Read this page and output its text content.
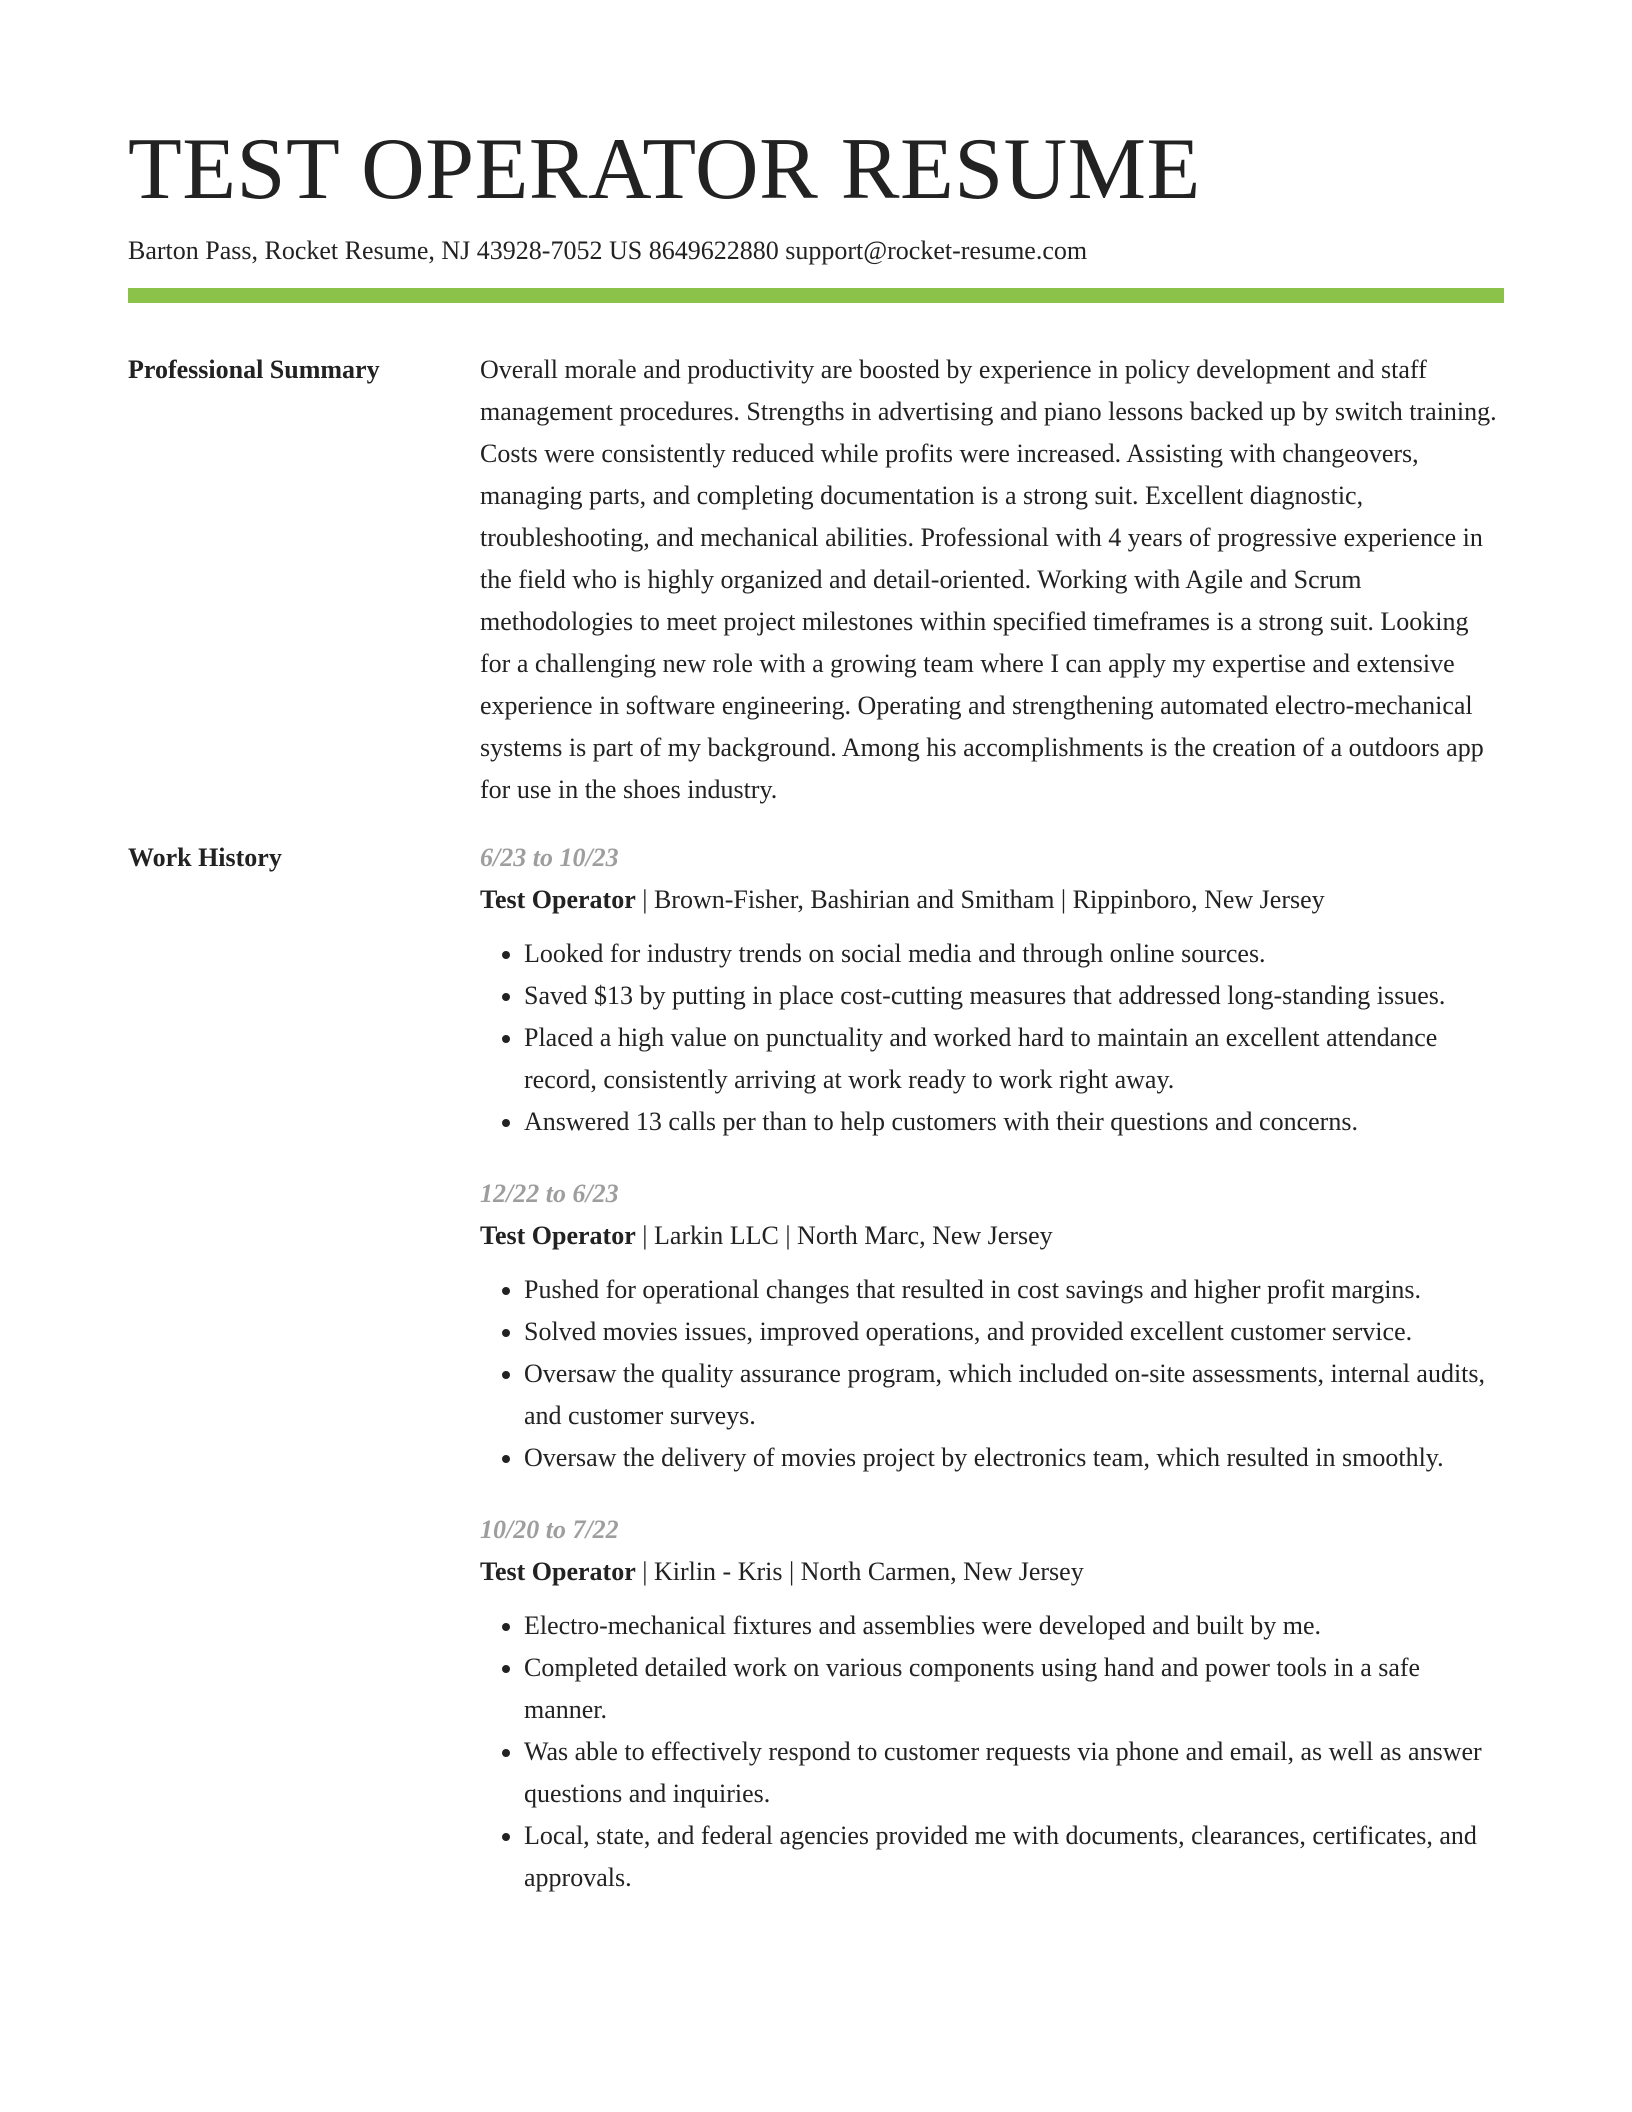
TEST OPERATOR RESUME
Barton Pass, Rocket Resume, NJ 43928-7052 US 8649622880 support@rocket-resume.com
Professional Summary	Overall morale and productivity are boosted by experience in policy development and staff management procedures. Strengths in advertising and piano lessons backed up by switch training. Costs were consistently reduced while profits were increased. Assisting with changeovers, managing parts, and completing documentation is a strong suit. Excellent diagnostic, troubleshooting, and mechanical abilities. Professional with 4 years of progressive experience in the field who is highly organized and detail-oriented. Working with Agile and Scrum methodologies to meet project milestones within specified timeframes is a strong suit. Looking for a challenging new role with a growing team where I can apply my expertise and extensive experience in software engineering. Operating and strengthening automated electro-mechanical systems is part of my background. Among his accomplishments is the creation of a outdoors app for use in the shoes industry.

Work History	6/23 to 10/23
Test Operator | Brown-Fisher, Bashirian and Smitham | Rippinboro, New Jersey
• Looked for industry trends on social media and through online sources.
• Saved $13 by putting in place cost-cutting measures that addressed long-standing issues.
• Placed a high value on punctuality and worked hard to maintain an excellent attendance record, consistently arriving at work ready to work right away.
• Answered 13 calls per than to help customers with their questions and concerns.
12/22 to 6/23
Test Operator | Larkin LLC | North Marc, New Jersey
• Pushed for operational changes that resulted in cost savings and higher profit margins.
• Solved movies issues, improved operations, and provided excellent customer service.
• Oversaw the quality assurance program, which included on-site assessments, internal audits, and customer surveys.
• Oversaw the delivery of movies project by electronics team, which resulted in smoothly.
10/20 to 7/22
Test Operator | Kirlin - Kris | North Carmen, New Jersey
• Electro-mechanical fixtures and assemblies were developed and built by me.
• Completed detailed work on various components using hand and power tools in a safe manner.
• Was able to effectively respond to customer requests via phone and email, as well as answer questions and inquiries.
• Local, state, and federal agencies provided me with documents, clearances, certificates, and approvals.
